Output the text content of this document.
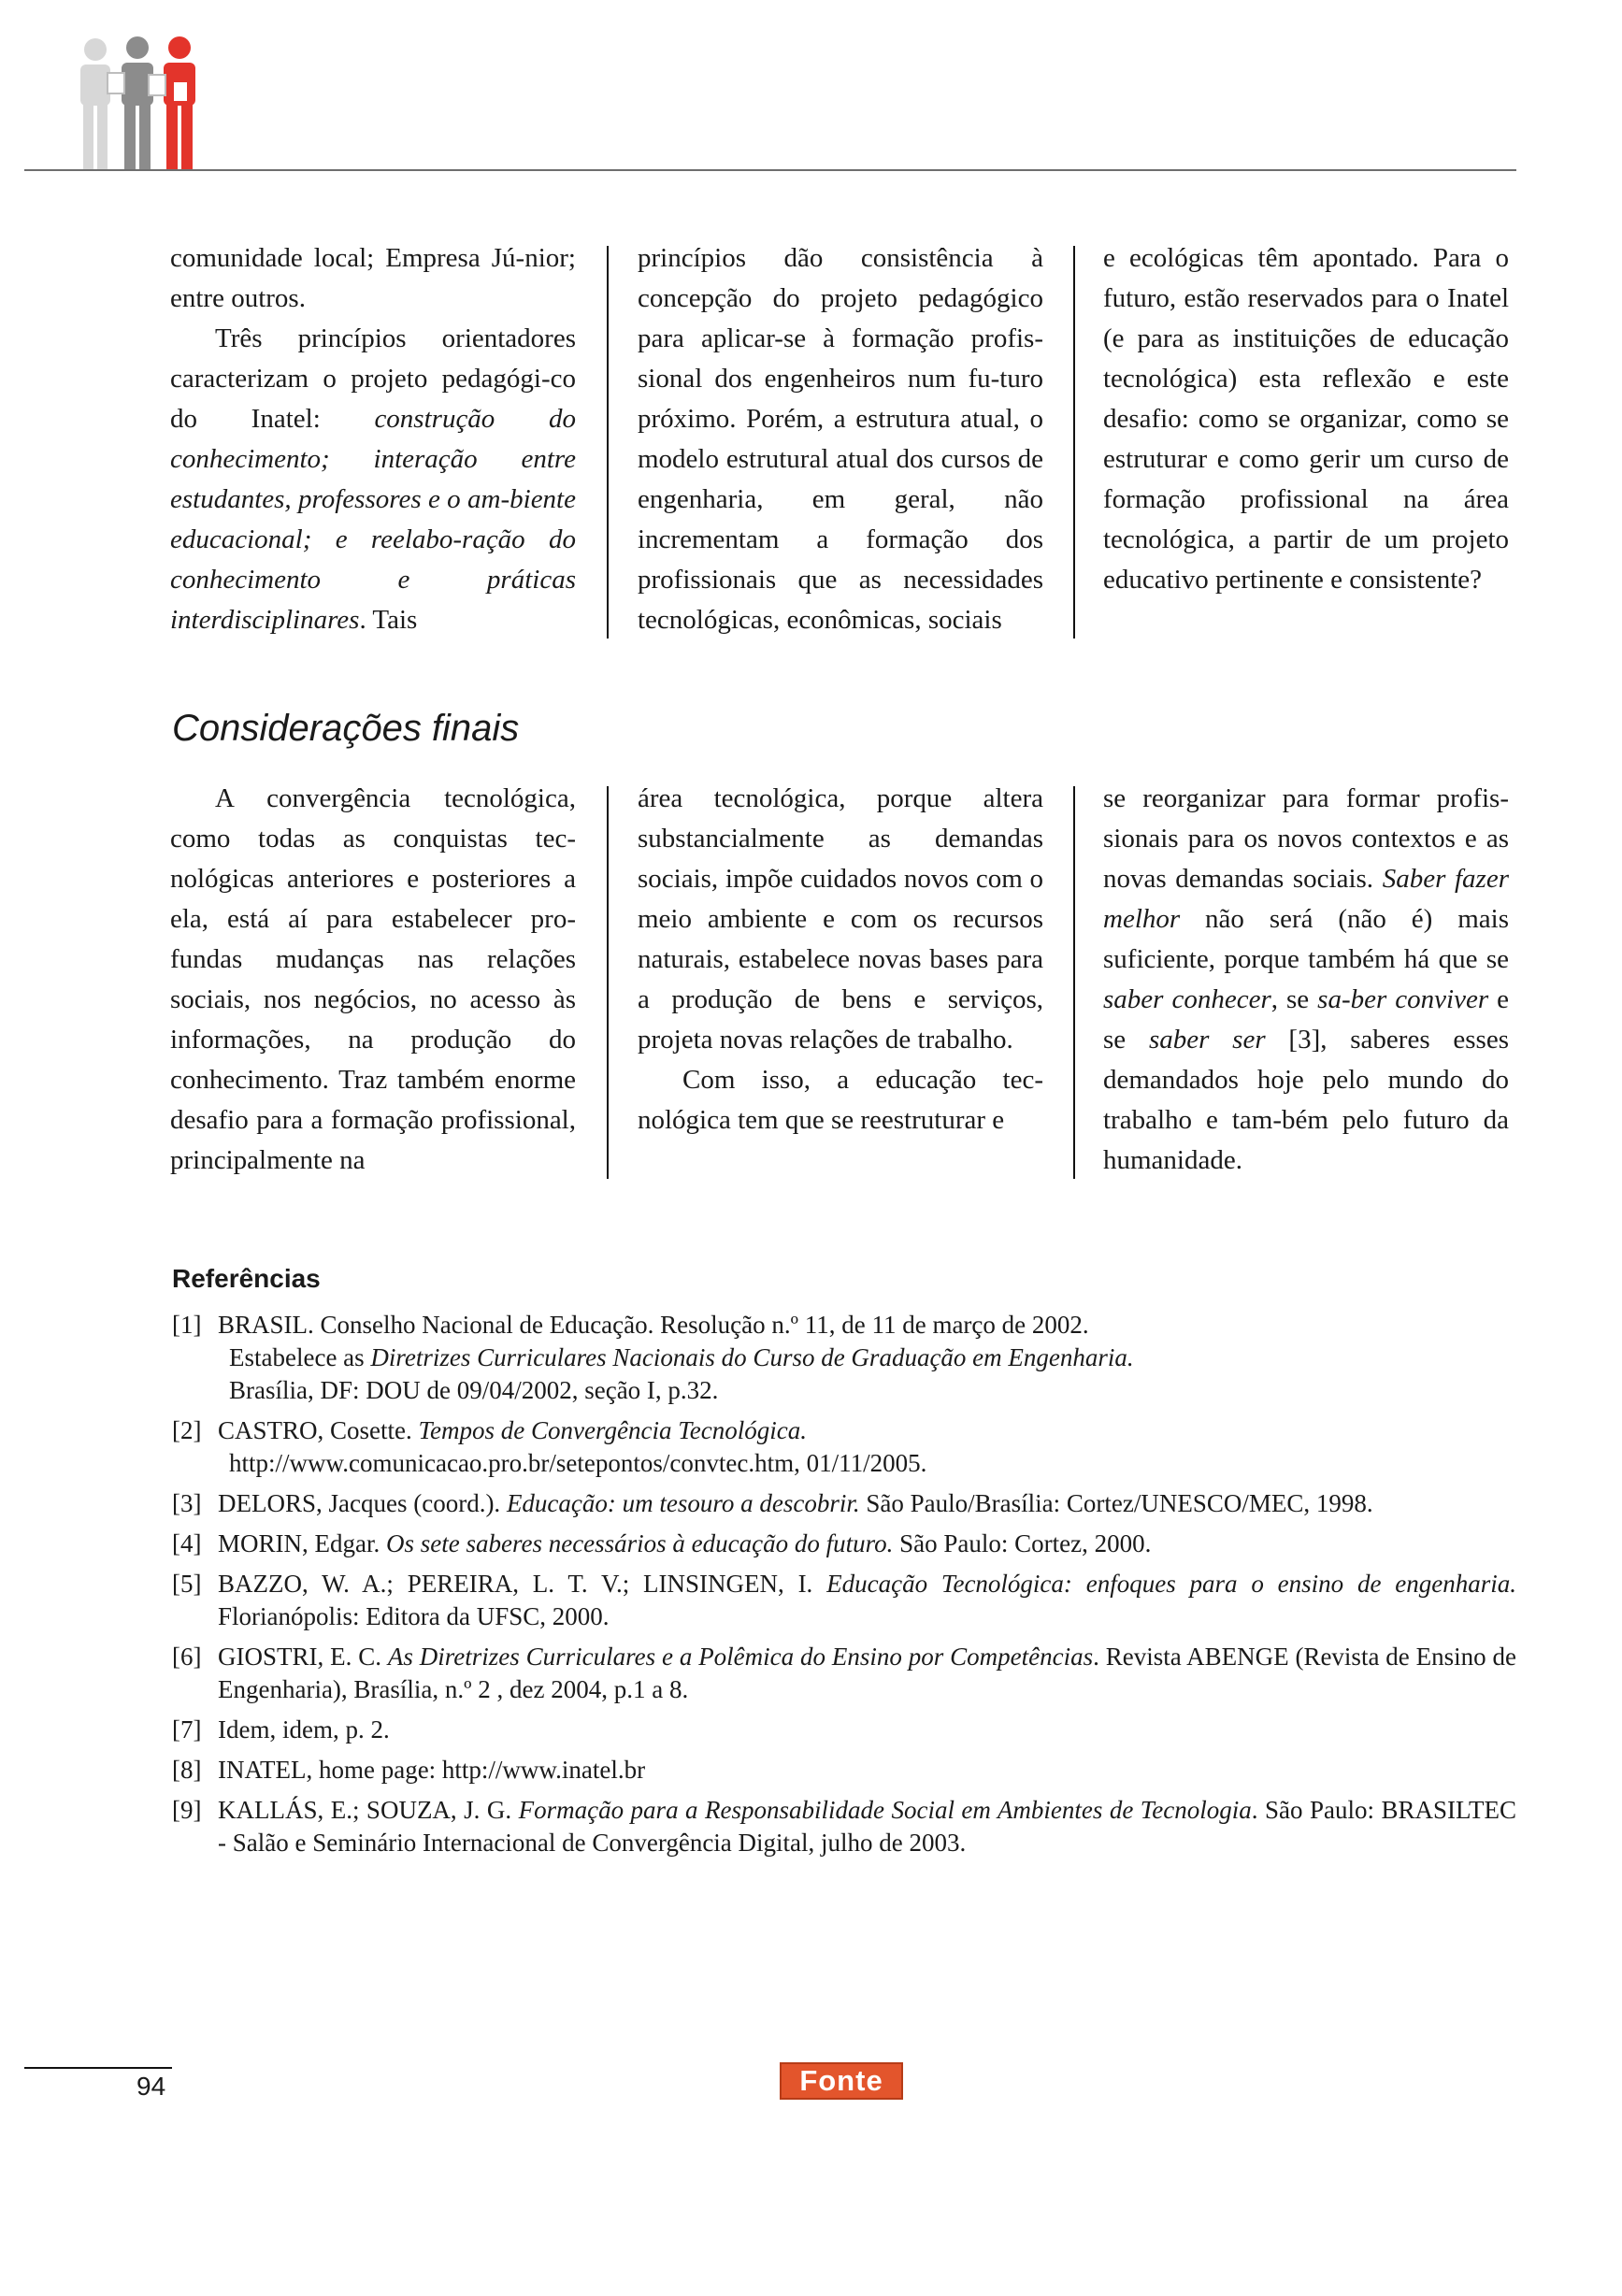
comunidade local; Empresa Jú-nior; entre outros.

Três princípios orientadores caracterizam o projeto pedagógi-co do Inatel: construção do conhecimento; interação entre estudantes, professores e o am-biente educacional; e reelabo-ração do conhecimento e práticas interdisciplinares. Tais

princípios dão consistência à concepção do projeto pedagógico para aplicar-se à formação profis-sional dos engenheiros num fu-turo próximo. Porém, a estrutura atual, o modelo estrutural atual dos cursos de engenharia, em geral, não incrementam a formação dos profissionais que as necessidades tecnológicas, econômicas, sociais

e ecológicas têm apontado. Para o futuro, estão reservados para o Inatel (e para as instituições de educação tecnológica) esta reflexão e este desafio: como se organizar, como se estruturar e como gerir um curso de formação profissional na área tecnológica, a partir de um projeto educativo pertinente e consistente?

Considerações finais

A convergência tecnológica, como todas as conquistas tec-nológicas anteriores e posteriores a ela, está aí para estabelecer pro-fundas mudanças nas relações sociais, nos negócios, no acesso às informações, na produção do conhecimento. Traz também enorme desafio para a formação profissional, principalmente na

área tecnológica, porque altera substancialmente as demandas sociais, impõe cuidados novos com o meio ambiente e com os recursos naturais, estabelece novas bases para a produção de bens e serviços, projeta novas relações de trabalho.

Com isso, a educação tec-nológica tem que se reestruturar e

se reorganizar para formar profis-sionais para os novos contextos e as novas demandas sociais. Saber fazer melhor não será (não é) mais suficiente, porque também há que se saber conhecer, se sa-ber conviver e se saber ser [3], saberes esses demandados hoje pelo mundo do trabalho e tam-bém pelo futuro da humanidade.

Referências
[1] BRASIL. Conselho Nacional de Educação. Resolução n.º 11, de 11 de março de 2002.
Estabelece as Diretrizes Curriculares Nacionais do Curso de Graduação em Engenharia.
Brasília, DF: DOU de 09/04/2002, seção I, p.32.
[2] CASTRO, Cosette. Tempos de Convergência Tecnológica.
http://www.comunicacao.pro.br/setepontos/convtec.htm, 01/11/2005.
[3] DELORS, Jacques (coord.). Educação: um tesouro a descobrir. São Paulo/Brasília: Cortez/UNESCO/MEC, 1998.
[4] MORIN, Edgar. Os sete saberes necessários à educação do futuro. São Paulo: Cortez, 2000.
[5] BAZZO, W. A.; PEREIRA, L. T. V.; LINSINGEN, I. Educação Tecnológica: enfoques para o ensino de engenharia. Florianópolis: Editora da UFSC, 2000.
[6] GIOSTRI, E. C. As Diretrizes Curriculares e a Polêmica do Ensino por Competências. Revista ABENGE (Revista de Ensino de Engenharia), Brasília, n.º 2 , dez 2004, p.1 a 8.
[7] Idem, idem, p. 2.
[8] INATEL, home page: http://www.inatel.br
[9] KALLÁS, E.; SOUZA, J. G. Formação para a Responsabilidade Social em Ambientes de Tecnologia. São Paulo: BRASILTEC - Salão e Seminário Internacional de Convergência Digital, julho de 2003.
94	Fonte
